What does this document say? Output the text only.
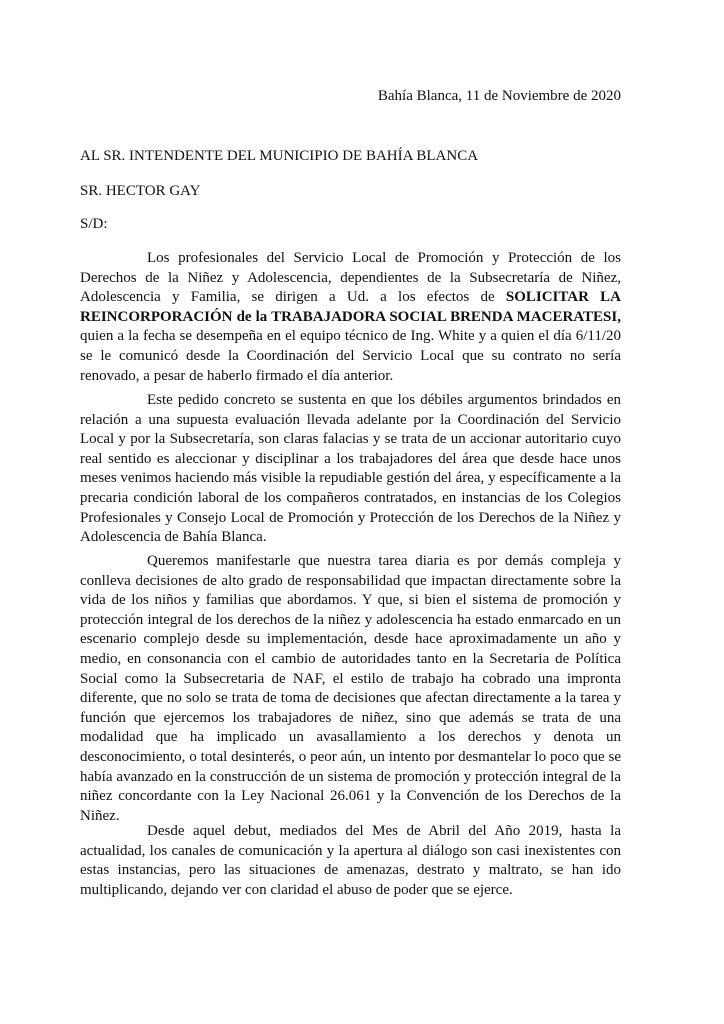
Bahía Blanca, 11 de Noviembre de 2020
AL SR. INTENDENTE DEL MUNICIPIO DE BAHÍA BLANCA
SR. HECTOR GAY
S/D:

Los profesionales del Servicio Local de Promoción y Protección de los Derechos de la Niñez y Adolescencia, dependientes de la Subsecretaría de Niñez, Adolescencia y Familia, se dirigen a Ud. a los efectos de SOLICITAR LA REINCORPORACIÓN de la TRABAJADORA SOCIAL BRENDA MACERATESI, quien a la fecha se desempeña en el equipo técnico de Ing. White y a quien el día 6/11/20 se le comunicó desde la Coordinación del Servicio Local que su contrato no sería renovado, a pesar de haberlo firmado el día anterior.

Este pedido concreto se sustenta en que los débiles argumentos brindados en relación a una supuesta evaluación llevada adelante por la Coordinación del Servicio Local y por la Subsecretaría, son claras falacias y se trata de un accionar autoritario cuyo real sentido es aleccionar y disciplinar a los trabajadores del área que desde hace unos meses venimos haciendo más visible la repudiable gestión del área, y específicamente a la precaria condición laboral de los compañeros contratados, en instancias de los Colegios Profesionales y Consejo Local de Promoción y Protección de los Derechos de la Niñez y Adolescencia de Bahía Blanca.

Queremos manifestarle que nuestra tarea diaria es por demás compleja y conlleva decisiones de alto grado de responsabilidad que impactan directamente sobre la vida de los niños y familias que abordamos. Y que, si bien el sistema de promoción y protección integral de los derechos de la niñez y adolescencia ha estado enmarcado en un escenario complejo desde su implementación, desde hace aproximadamente un año y medio, en consonancia con el cambio de autoridades tanto en la Secretaria de Política Social como la Subsecretaria de NAF, el estilo de trabajo ha cobrado una impronta diferente, que no solo se trata de toma de decisiones que afectan directamente a la tarea y función que ejercemos los trabajadores de niñez, sino que además se trata de una modalidad que ha implicado un avasallamiento a los derechos y denota un desconocimiento, o total desinterés, o peor aún, un intento por desmantelar lo poco que se había avanzado en la construcción de un sistema de promoción y protección integral de la niñez concordante con la Ley Nacional 26.061 y la Convención de los Derechos de la Niñez.

Desde aquel debut, mediados del Mes de Abril del Año 2019, hasta la actualidad, los canales de comunicación y la apertura al diálogo son casi inexistentes con estas instancias, pero las situaciones de amenazas, destrato y maltrato, se han ido multiplicando, dejando ver con claridad el abuso de poder que se ejerce.
